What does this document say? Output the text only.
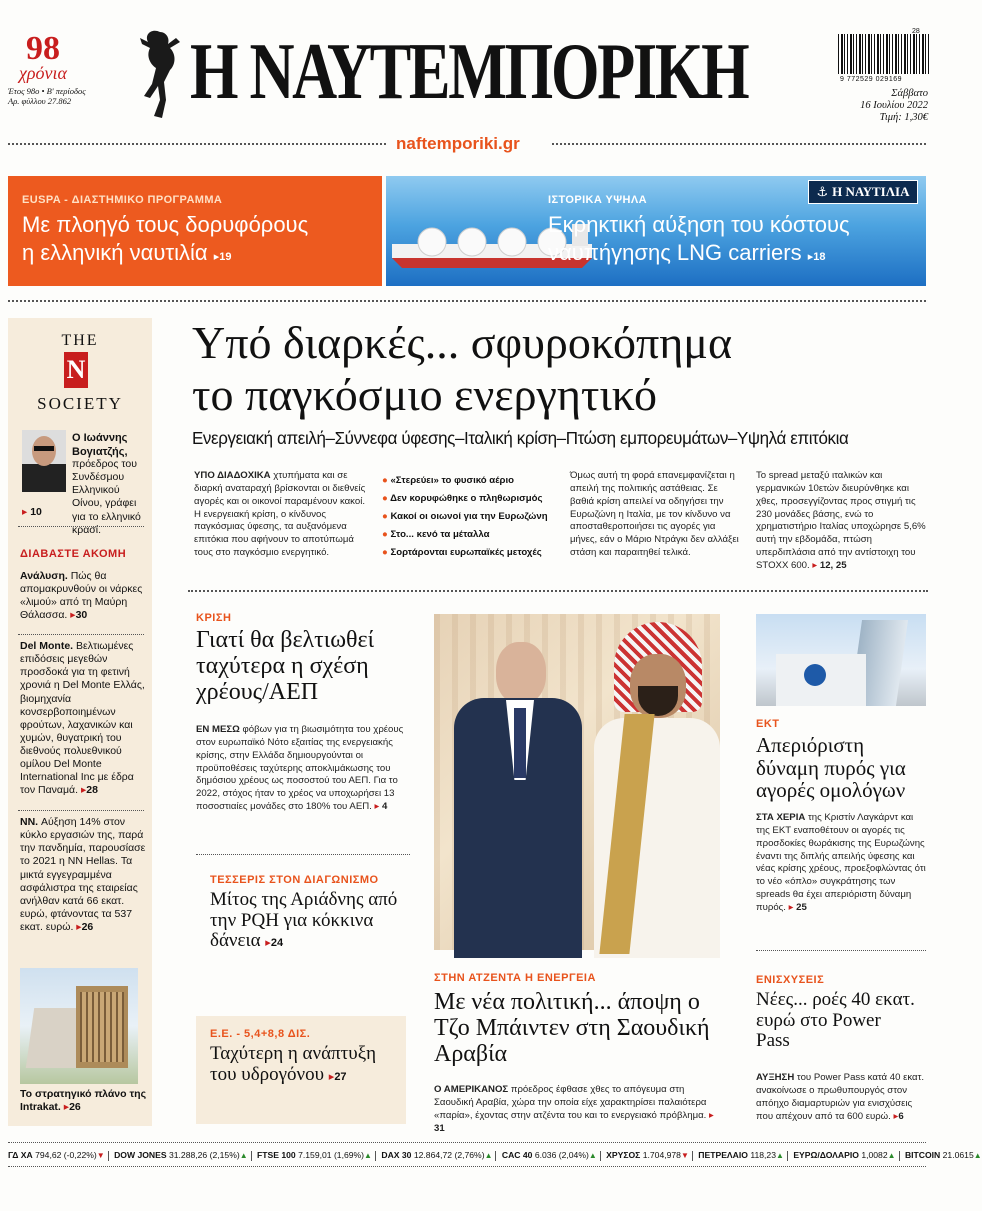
98
χρόνια
Έτος 98ο • Β' περίοδος
Αρ. φύλλου 27.862	Η ΝΑΥΤΕΜΠΟΡΙΚΗ	28
9 772529 029169
Σάββατο
16 Ιουλίου 2022
Τιμή: 1,30€
naftemporiki.gr
EUSPA - ΔΙΑΣΤΗΜΙΚΟ ΠΡΟΓΡΑΜΜΑ
Με πλοηγό τους δορυφόρους
η ελληνική ναυτιλία ▸19
⚓ Η ΝΑΥΤΙΛΙΑ
ΙΣΤΟΡΙΚΑ ΥΨΗΛΑ
Εκρηκτική αύξηση του κόστους
ναυπήγησης LNG carriers ▸18
THE
N
SOCIETY
Ο Ιωάννης Βογιατζής,
πρόεδρος του Συνδέσμου Ελληνικού Οίνου, γράφει για το ελληνικό κρασί.
▸ 10
ΔΙΑΒΑΣΤΕ ΑΚΟΜΗ
Ανάλυση. Πώς θα απομακρυνθούν οι νάρκες «λιμού» από τη Μαύρη Θάλασσα. ▸30
Del Monte. Βελτιωμένες επιδόσεις μεγεθών προσδοκά για τη φετινή χρονιά η Del Monte Ελλάς, βιομηχανία κονσερβοποιημένων φρούτων, λαχανικών και χυμών, θυγατρική του διεθνούς πολυεθνικού ομίλου Del Monte International Inc με έδρα τον Παναμά. ▸28
NN. Αύξηση 14% στον κύκλο εργασιών της, παρά την πανδημία, παρουσίασε το 2021 η NN Hellas. Τα μικτά εγγεγραμμένα ασφάλιστρα της εταιρείας ανήλθαν κατά 66 εκατ. ευρώ, φτάνοντας τα 537 εκατ. ευρώ. ▸26
Το στρατηγικό πλάνο της Intrakat. ▸26
Υπό διαρκές... σφυροκόπημα
το παγκόσμιο ενεργητικό
Ενεργειακή απειλή–Σύννεφα ύφεσης–Ιταλική κρίση–Πτώση εμπορευμάτων–Υψηλά επιτόκια
ΥΠΟ ΔΙΑΔΟΧΙΚΑ χτυπήματα και σε διαρκή αναταραχή βρίσκονται οι διεθνείς αγορές και οι οικονοί παραμένουν κακοί. Η ενεργειακή κρίση, ο κίνδυνος παγκόσμιας ύφεσης, τα αυξανόμενα επιτόκια που αφήνουν το αποτύπωμά τους στο παγκόσμιο ενεργητικό.
● «Στερεύει» το φυσικό αέριο
● Δεν κορυφώθηκε ο πληθωρισμός
● Κακοί οι οιωνοί για την Ευρωζώνη
● Στο... κενό τα μέταλλα
● Σορτάρονται ευρωπαϊκές μετοχές
Όμως αυτή τη φορά επανεμφανίζεται η απειλή της πολιτικής αστάθειας. Σε βαθιά κρίση απειλεί να οδηγήσει την Ευρωζώνη η Ιταλία, με τον κίνδυνο να αποσταθεροποιήσει τις αγορές για μήνες, εάν ο Μάριο Ντράγκι δεν αλλάξει στάση και παραιτηθεί τελικά.
Το spread μεταξύ ιταλικών και γερμανικών 10ετών διευρύνθηκε και χθες, προσεγγίζοντας προς στιγμή τις 230 μονάδες βάσης, ενώ το χρηματιστήριο Ιταλίας υποχώρησε 5,6% αυτή την εβδομάδα, πτώση υπερδιπλάσια από την αντίστοιχη του STOXX 600. ▸ 12, 25
ΚΡΙΣΗ
Γιατί θα βελτιωθεί ταχύτερα η σχέση χρέους/ΑΕΠ
ΕΝ ΜΕΣΩ φόβων για τη βιωσιμότητα του χρέους στον ευρωπαϊκό Νότο εξαιτίας της ενεργειακής κρίσης, στην Ελλάδα δημιουργούνται οι προϋποθέσεις ταχύτερης αποκλιμάκωσης του δημόσιου χρέους ως ποσοστού του ΑΕΠ. Για το 2022, στόχος ήταν το χρέος να υποχωρήσει 13 ποσοστιαίες μονάδες στο 180% του ΑΕΠ. ▸ 4
ΤΕΣΣΕΡΙΣ ΣΤΟΝ ΔΙΑΓΩΝΙΣΜΟ
Μίτος της Αριάδνης από την ΡQΗ για κόκκινα δάνεια ▸24
Ε.Ε. - 5,4+8,8 ΔΙΣ.
Ταχύτερη η ανάπτυξη του υδρογόνου ▸27
ΣΤΗΝ ΑΤΖΕΝΤΑ Η ΕΝΕΡΓΕΙΑ
Με νέα πολιτική... άποψη ο Τζο Μπάιντεν στη Σαουδική Αραβία
Ο ΑΜΕΡΙΚΑΝΟΣ πρόεδρος έφθασε χθες το απόγευμα στη Σαουδική Αραβία, χώρα την οποία είχε χαρακτηρίσει παλαιότερα «παρία», έχοντας στην ατζέντα του και το ενεργειακό πρόβλημα. ▸ 31
ΕΚΤ
Απεριόριστη δύναμη πυρός για αγορές ομολόγων
ΣΤΑ ΧΕΡΙΑ της Κριστίν Λαγκάρντ και της ΕΚΤ εναποθέτουν οι αγορές τις προσδοκίες θωράκισης της Ευρωζώνης έναντι της διπλής απειλής ύφεσης και νέας κρίσης χρέους, προεξοφλώντας ότι το νέο «όπλο» συγκράτησης των spreads θα έχει απεριόριστη δύναμη πυρός. ▸ 25
ΕΝΙΣΧΥΣΕΙΣ
Νέες... ροές 40 εκατ. ευρώ στο Power Pass
ΑΥΞΗΣΗ του Power Pass κατά 40 εκατ. ανακοίνωσε ο πρωθυπουργός στον απόηχο διαμαρτυριών για ενισχύσεις που απέχουν από τα 600 ευρώ. ▸6
ΓΔ ΧΑ 794,62 (-0,22%)▼ DOW JONES 31.288,26 (2,15%)▲ FTSE 100 7.159,01 (1,69%)▲ DAX 30 12.864,72 (2,76%)▲ CAC 40 6.036 (2,04%)▲ ΧΡΥΣΟΣ 1.704,978▼ ΠΕΤΡΕΛΑΙΟ 118,23▲ ΕΥΡΩ/ΔΟΛΑΡΙΟ 1,0082▲ BITCOIN 21.0615▲
